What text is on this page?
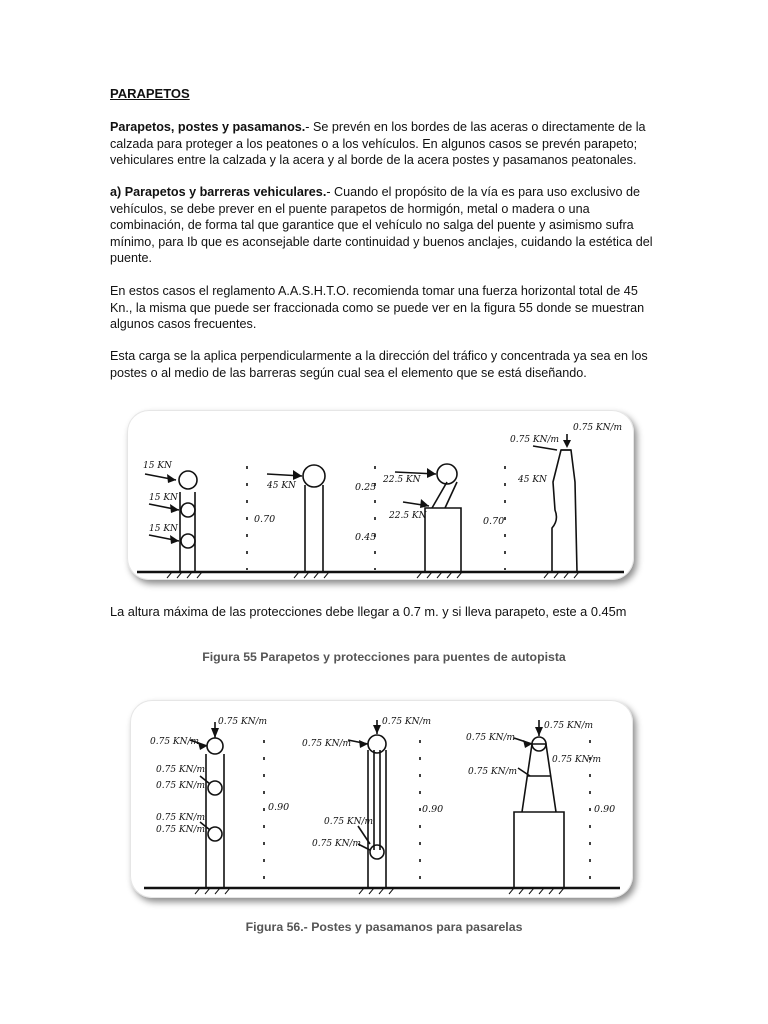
PARAPETOS

Parapetos, postes y pasamanos.- Se prevén en los bordes de las aceras o directamente de la calzada para proteger a los peatones o a los vehículos. En algunos casos se prevén parapeto; vehiculares entre la calzada y la acera y al borde de la acera postes y pasamanos peatonales.

a) Parapetos y barreras vehiculares.- Cuando el propósito de la vía es para uso exclusivo de vehículos, se debe prever en el puente parapetos de hormigón, metal o madera o una combinación, de forma tal que garantice que el vehículo no salga del puente y asimismo sufra mínimo, para Ib que es aconsejable darte continuidad y buenos anclajes, cuidando la estética del puente.

En estos casos el reglamento A.A.S.H.T.O. recomienda tomar una fuerza horizontal total de 45 Kn., la misma que puede ser fraccionada como se puede ver en la figura 55 donde se muestran algunos casos frecuentes.

Esta carga se la aplica perpendicularmente a la dirección del tráfico y concentrada ya sea en los postes o al medio de las barreras según cual sea el elemento que se está diseñando.

15 KN
15 KN
15 KN
45 KN
0.70
0.25
22.5 KN
22.5 KN
0.45
0.70
0.75 KN/m
0.75 KN/m
45 KN

La altura máxima de las protecciones debe llegar a 0.7 m. y si lleva parapeto, este a 0.45m

Figura 55 Parapetos y protecciones para puentes de autopista
0.75 KN/m
0.75 KN/m
0.75 KN/m
0.75 KN/m
0.75 KN/m
0.75 KN/m
0.90
0.75 KN/m
0.75 KN/m
0.75 KN/m
0.75 KN/m
0.90
0.75 KN/m
0.75 KN/m
0.75 KN/m
0.75 KN/m
0.90
Figura 56.- Postes y pasamanos para pasarelas
